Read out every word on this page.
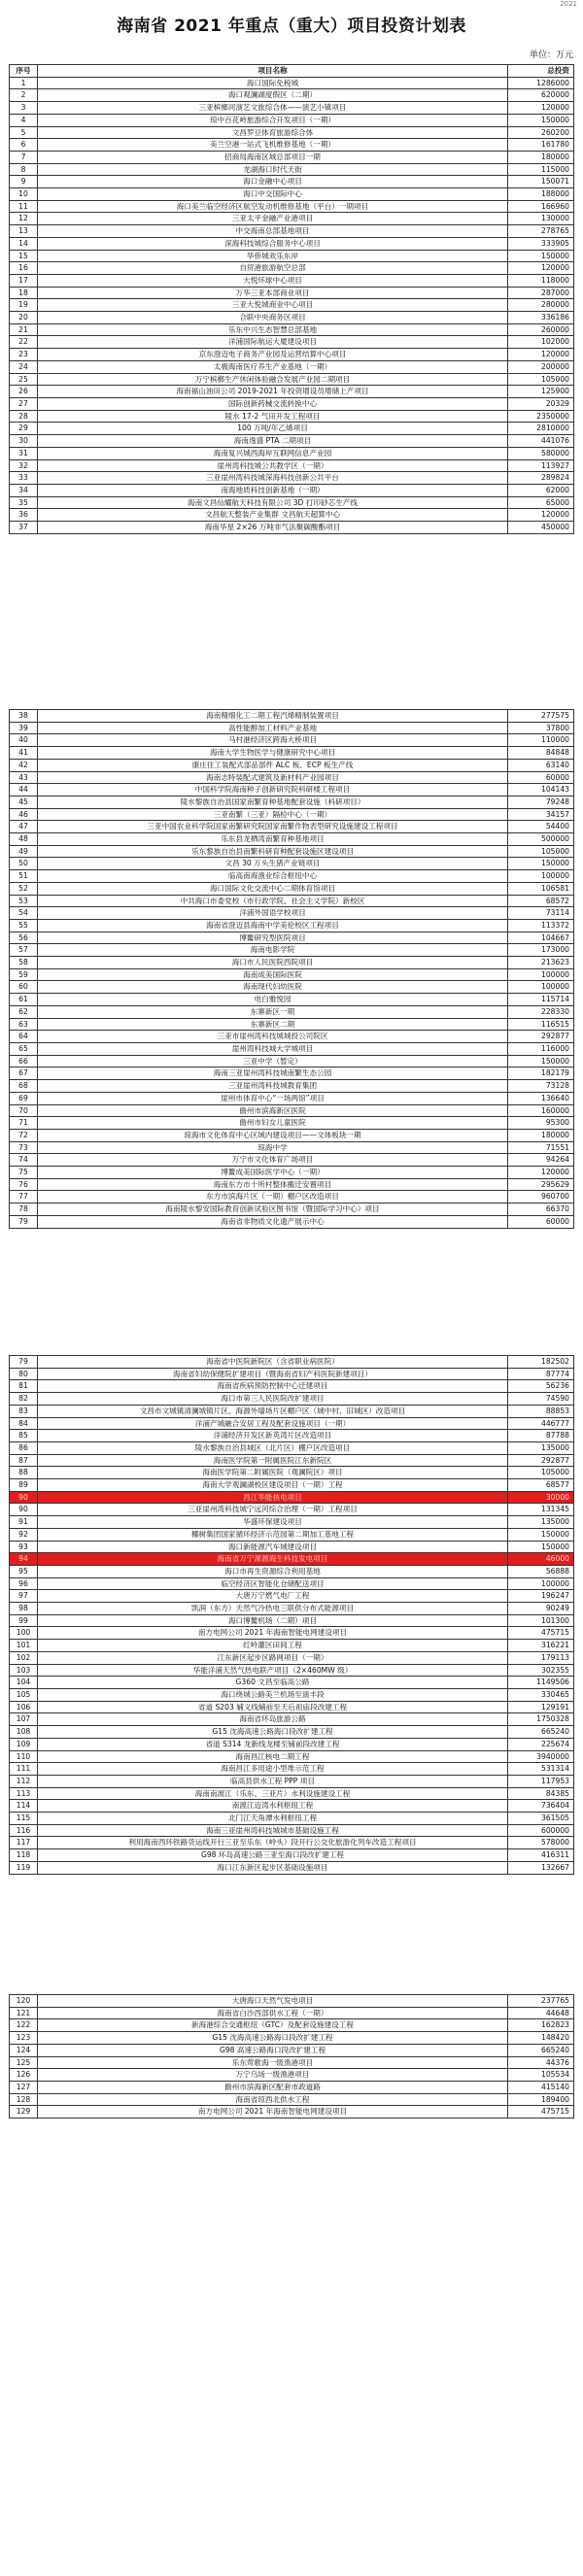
2021
海南省 2021 年重点（重大）项目投资计划表
单位：万元
序号	项目名称	总投资
1	海口国际免税城	1286000
2	海口观澜湖度假区（二期）	620000
3	三亚槟榔河演艺文旅综合体——演艺小镇项目	120000
4	琼中百花岭旅游综合开发项目（一期）	150000
5	文昌罗豆体育旅游综合体	260200
6	美兰空港一站式飞机维修基地（一期）	161780
7	招商局海南区域总部项目一期	180000
8	龙湖海口时代天街	115000
9	海口金融中心项目	150071
10	海口中交国际中心	188000
11	海口美兰临空经济区航空发动机维修基地（平台）一期项目	166960
12	三亚太平金融产业港项目	130000
13	中交海南总部基地项目	278765
14	深海科技城综合服务中心项目	333905
15	华侨城欢乐东岸	150000
16	自贸港旅游航空总部	120000
17	大悦环球中心项目	118000
18	万华三亚本部商业项目	287000
19	三亚大悦城商业中心项目	280000
20	合联中央商务区项目	336186
21	乐东中兴生态智慧总部基地	260000
22	洋浦国际航运大厦建设项目	102000
23	京东澄迈电子商务产业园及运营结算中心项目	120000
24	太极海南医疗养生产业基地（一期）	200000
25	万宁槟榔生产休闲体验融合发展产业园二期项目	105000
26	海南福山油田公司 2019-2021 年投资增设员增储上产项目	125900
27	国际创新药械交流转换中心	20329
28	陵水 17-2 气田开发工程项目	2350000
29	100 万吨/年乙烯项目	2810000
30	海南逸盛 PTA 二期项目	441076
31	海南复兴城西海岸互联网信息产业园	580000
32	崖州湾科技城公共教学区（一期）	113927
33	三亚崖州湾科技城深海科技创新公共平台	289824
34	南海地质科技创新基地（一期）	62000
35	海南文昌仙耀航天科技有限公司 3D 打印砂芯生产线	65000
36	文昌航天整装产业集群 文昌航天超算中心	120000
37	海南华星 2×26 万吨非气法聚碳酸酯项目	450000
38	海南精细化工二期工程汽烯精制装置项目	277575
39	高性能醇加工材料产业基地	37800
40	马村港经济区跨海大桥项目	110000
41	海南大学生物医学与健康研究中心项目	84848
42	康庄住工装配式部品部件 ALC 板、ECP 板生产线	63140
43	海南志特装配式建筑及新材料产业园项目	60000
44	中国科学院海南种子创新研究院科研楼工程项目	104143
45	陵水黎族自治县国家南繁育种基地配套设施（科研项目）	79248
46	三亚南繁（三亚）隔检中心（一期）	34157
47	三亚中国农业科学院国家南繁研究院国家南繁作物表型研究设施建设工程项目	54400
48	乐东县龙栖湾南繁育种基地项目	500000
49	乐东黎族自治县南繁科研育种配套设施区建设项目	105000
50	文昌 30 万头生猪产业链项目	150000
51	临高南海渔业综合枢纽中心	100000
52	海口国际文化交流中心二期体育馆项目	106581
53	中共海口市委党校（市行政学院、社会主义学院）新校区	68572
54	洋浦外国语学校项目	73114
55	海南省澄迈县海南中学美伦校区工程项目	113372
56	博鳌研究型医院项目	104667
57	海南电影学院	173000
58	海口市人民医院西院项目	213623
59	海南成美国际医院	100000
60	海南现代妇幼医院	100000
61	电白雅悦园	115714
62	东寨新区一期	228330
63	东寨新区二期	116515
64	三亚市崖州湾科技城城投公司院区	292877
65	崖州湾科技城大学城项目	116000
66	三亚中学（暂定）	150000
67	海南三亚崖州湾科技城南繁生态公园	182179
68	三亚崖州湾科技城教育集团	73128
69	崖州市体育中心“一场两馆”项目	136640
70	儋州市滨海新区医院	160000
71	儋州市妇女儿童医院	95300
72	琼海市文化体育中心区域内建设项目——文体板块一期	180000
73	琼海中学	71551
74	万宁市文化体育广场项目	94264
75	博鳌成美国际医学中心（一期）	120000
76	海南东方市十所村整体搬迁安置项目	295629
77	东方市滨海片区（一期）棚户区改造项目	960700
78	海南陵水黎安国际教育创新试验区图书馆（暨国际学习中心）项目	66370
79	海南省非物质文化遗产展示中心	60000
79	海南省中医院新院区（含省职业病医院）	182502
80	海南省妇幼保健院扩建项目（暨海南省妇产科医院新建项目）	87774
81	海南省疾病预防控制中心迁建项目	56236
82	海口市第三人民医院改扩建项目	74590
83	文昌市文城镇清澜城镇片区、海源外墙场片区棚户区（城中村、旧城区）改造项目	88853
84	洋浦产城融合安居工程及配套设施项目（一期）	446777
85	洋浦经济开发区新英湾片区改造项目	87788
86	陵水黎族自治县城区（北片区）棚户区改造项目	135000
87	海南医学院第一附属医院江东新院区	292877
88	海南医学院第二附属医院（观澜院区）项目	105000
89	海南大学观澜湖校区建设项目（一期）工程	68577
90	昌江华能核电项目	30000
90	三亚崖州湾科技城宁远河综合治理（一期）工程项目	131345
91	华盛环保建设项目	135000
92	椰树集团国家循环经济示范园第二期加工基地工程	150000
93	海口新能源汽车城建设项目	150000
94	海南省万宁源源海生科技发电项目	46000
95	海口市再生资源综合利用基地	56888
96	临空经济区智能化仓储配送项目	100000
97	大唐万宁燃气电厂工程	196247
98	凯润（东方）天然气冷热电三联供分布式能源项目	90249
99	海口博鳌机场（二期）项目	101300
100	南方电网公司 2021 年海南智能电网建设项目	475715
101	红岭灌区田间工程	316221
102	江东新区起步区路网项目（一期）	179113
103	华能洋浦天然气热电联产项目（2×460MW 级）	302355
104	G360 文昌至临高公路	1149506
105	海口绕城公路美兰机场至演丰段	330465
106	省道 S203 辅义线辅前至天后祖庙段改建工程	129191
107	海南省环岛旅游公路	1750328
108	G15 沈海高速公路海口段改扩建工程	665240
109	省道 S314 龙新线龙楼至铺前段改建工程	225674
110	海南昌江核电二期工程	3940000
111	海南昌江多用途小型堆示范工程	531314
112	临高县供水工程 PPP 项目	117953
113	海南南渡江（乐东、三亚片）水利设施建设工程	84385
114	南渡江迈湾水利枢纽工程	736404
115	北门江天角潭水利枢纽工程	361505
116	海南三亚崖州湾科技城城市基础设施工程	600000
117	利用海南西环铁路货运线开行三亚至乐东（岭头）段开行公交化旅游化列车改造工程项目	578000
118	G98 环岛高速公路三亚至海口段改扩建工程	416311
119	海口江东新区起步区基础设施项目	132667
120	大唐海口天然气发电项目	237765
121	海南省白沙西部供水工程（一期）	44648
122	新海港综合交通枢纽（GTC）及配套设施建设工程	162823
123	G15 沈海高速公路海口段改扩建工程	148420
124	G98 高速公路海口段改扩建工程	665240
125	乐东莺歌海一级渔港项目	44376
126	万宁乌场一级渔港项目	105534
127	儋州市滨海新区配套市政道路	415140
128	海南省琼西北供水工程	189400
129	南方电网公司 2021 年海南智能电网建设项目	475715
